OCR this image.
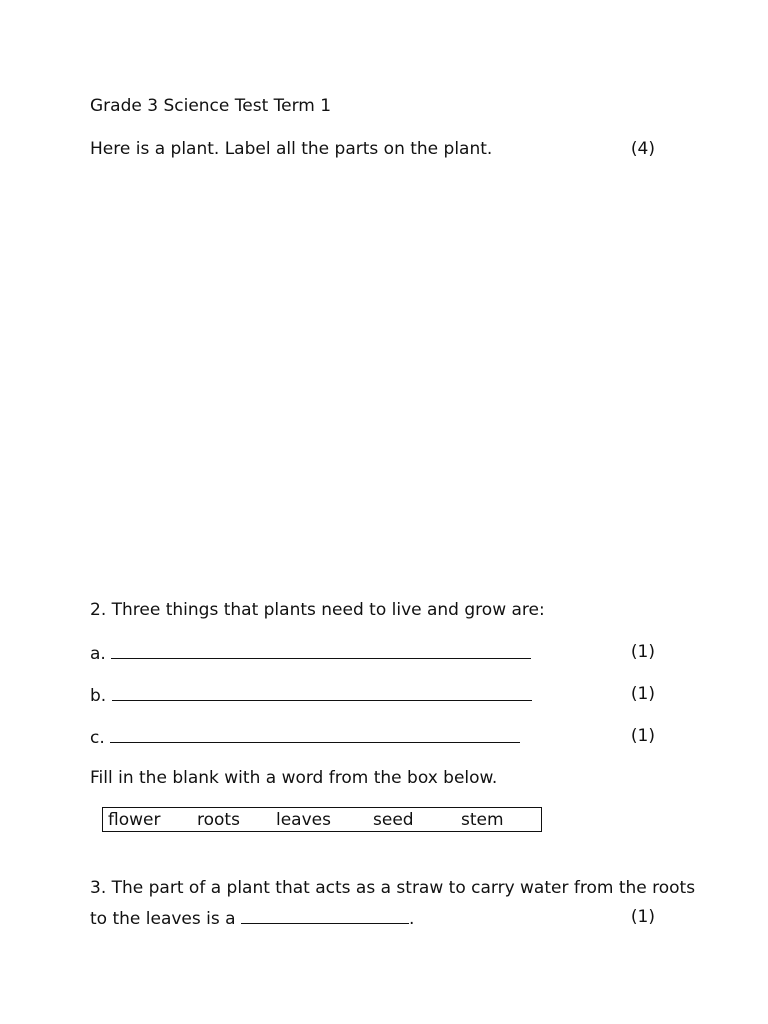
Grade 3 Science Test Term 1
Here is a plant. Label all the parts on the plant.	(4)
2. Three things that plants need to live and grow are:
a.	(1)
b.	(1)
c.	(1)
Fill in the blank with a word from the box below.
flower roots leaves seed	stem
3. The part of a plant that acts as a straw to carry water from the roots
to the leaves is a	.	(1)
